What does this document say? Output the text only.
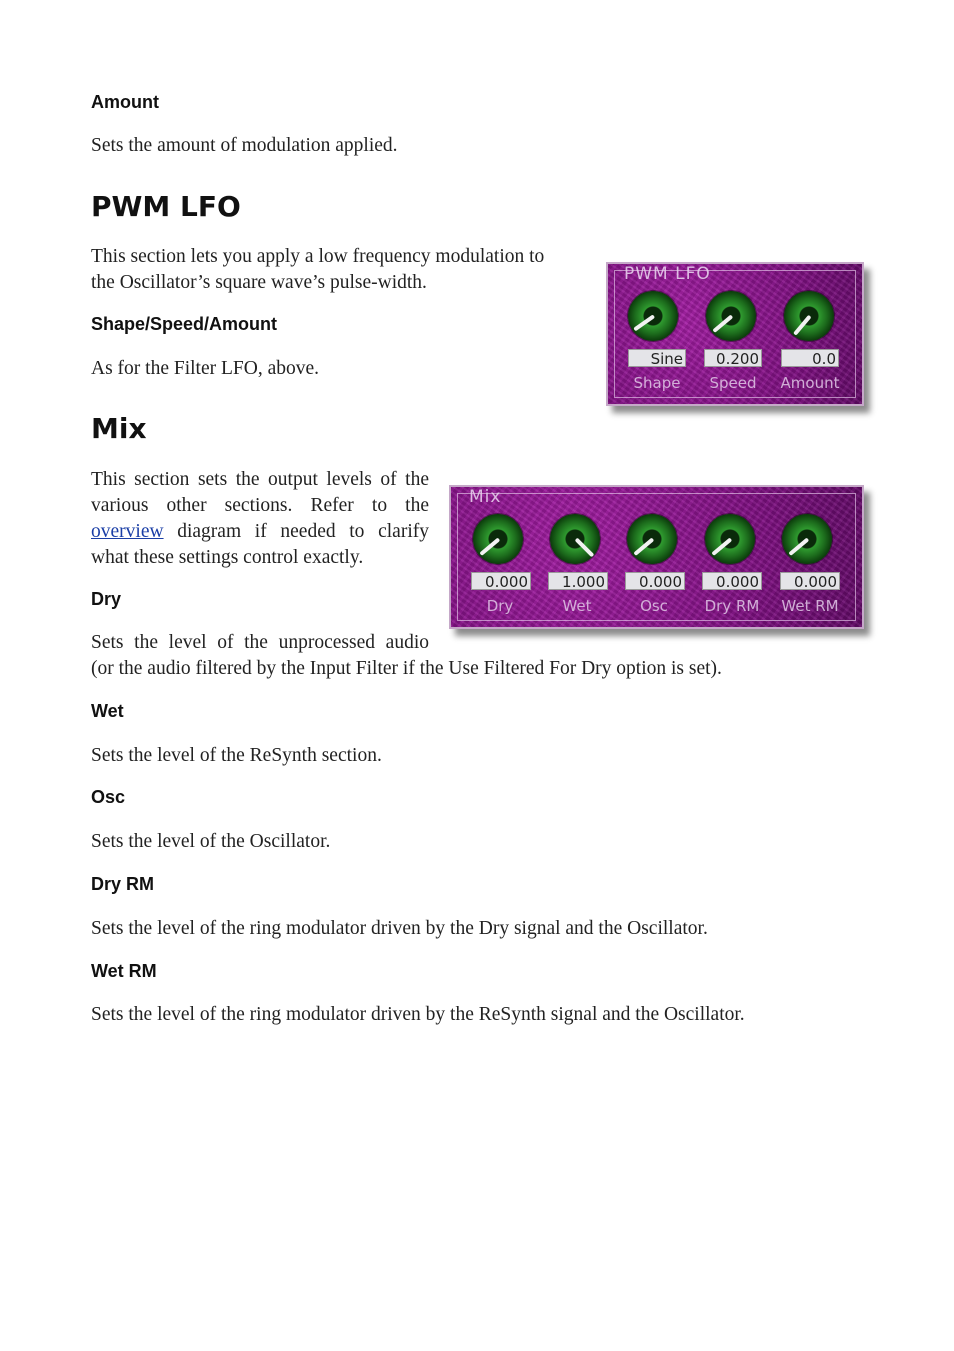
Amount

Sets the amount of modulation applied.

PWM LFO

This section lets you apply a low frequency modulation to
the Oscillator’s square wave’s pulse-width.

Shape/Speed/Amount

As for the Filter LFO, above.

PWM LFO
Sine
Shape
0.200
Speed
0.0
Amount
Mix
This section sets the output levels of the
various other sections. Refer to the
overview diagram if needed to clarify
what these settings control exactly.
Mix
0.000
Dry
1.000
Wet
0.000
Osc
0.000
Dry RM
0.000
Wet RM
Dry

Sets the level of the unprocessed audio

(or the audio filtered by the Input Filter if the Use Filtered For Dry option is set).

Wet

Sets the level of the ReSynth section.

Osc

Sets the level of the Oscillator.

Dry RM

Sets the level of the ring modulator driven by the Dry signal and the Oscillator.

Wet RM

Sets the level of the ring modulator driven by the ReSynth signal and the Oscillator.
